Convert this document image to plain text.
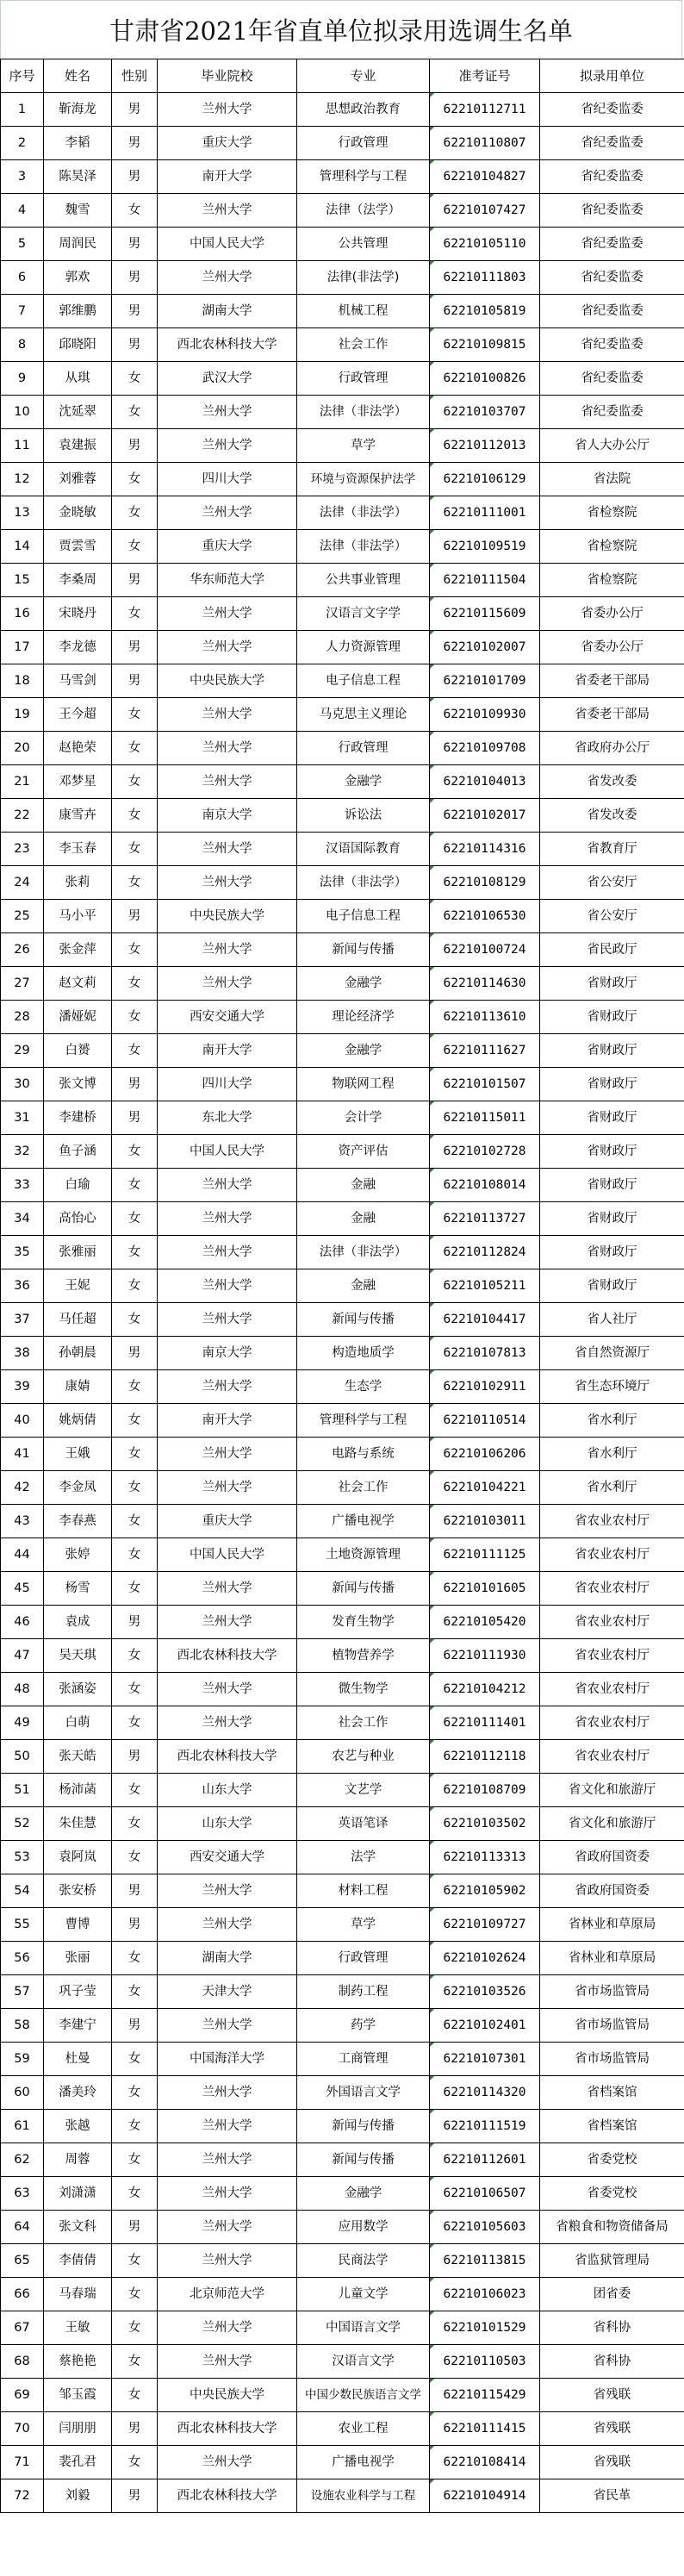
甘肃省2021年省直单位拟录用选调生名单
序号	姓名	性别	毕业院校	专业	准考证号	拟录用单位
1	靳海龙	男	兰州大学	思想政治教育	62210112711	省纪委监委
2	李韬	男	重庆大学	行政管理	62210110807	省纪委监委
3	陈昊泽	男	南开大学	管理科学与工程	62210104827	省纪委监委
4	魏雪	女	兰州大学	法律（法学）	62210107427	省纪委监委
5	周润民	男	中国人民大学	公共管理	62210105110	省纪委监委
6	郭欢	男	兰州大学	法律(非法学)	62210111803	省纪委监委
7	郭维鹏	男	湖南大学	机械工程	62210105819	省纪委监委
8	邱晓阳	男	西北农林科技大学	社会工作	62210109815	省纪委监委
9	从琪	女	武汉大学	行政管理	62210100826	省纪委监委
10	沈延翠	女	兰州大学	法律（非法学）	62210103707	省纪委监委
11	袁建振	男	兰州大学	草学	62210112013	省人大办公厅
12	刘雅蓉	女	四川大学	环境与资源保护法学	62210106129	省法院
13	金晓敏	女	兰州大学	法律（非法学）	62210111001	省检察院
14	贾雲雪	女	重庆大学	法律（非法学）	62210109519	省检察院
15	李桑周	男	华东师范大学	公共事业管理	62210111504	省检察院
16	宋晓丹	女	兰州大学	汉语言文字学	62210115609	省委办公厅
17	李龙德	男	兰州大学	人力资源管理	62210102007	省委办公厅
18	马雪剑	男	中央民族大学	电子信息工程	62210101709	省委老干部局
19	王今超	女	兰州大学	马克思主义理论	62210109930	省委老干部局
20	赵艳荣	女	兰州大学	行政管理	62210109708	省政府办公厅
21	邓梦星	女	兰州大学	金融学	62210104013	省发改委
22	康雪卉	女	南京大学	诉讼法	62210102017	省发改委
23	李玉春	女	兰州大学	汉语国际教育	62210114316	省教育厅
24	张莉	女	兰州大学	法律（非法学）	62210108129	省公安厅
25	马小平	男	中央民族大学	电子信息工程	62210106530	省公安厅
26	张金萍	女	兰州大学	新闻与传播	62210100724	省民政厅
27	赵文莉	女	兰州大学	金融学	62210114630	省财政厅
28	潘娅妮	女	西安交通大学	理论经济学	62210113610	省财政厅
29	白赟	女	南开大学	金融学	62210111627	省财政厅
30	张文博	男	四川大学	物联网工程	62210101507	省财政厅
31	李建桥	男	东北大学	会计学	62210115011	省财政厅
32	鱼子涵	女	中国人民大学	资产评估	62210102728	省财政厅
33	白瑜	女	兰州大学	金融	62210108014	省财政厅
34	高怡心	女	兰州大学	金融	62210113727	省财政厅
35	张雅丽	女	兰州大学	法律（非法学）	62210112824	省财政厅
36	王妮	女	兰州大学	金融	62210105211	省财政厅
37	马任超	女	兰州大学	新闻与传播	62210104417	省人社厅
38	孙朝晨	男	南京大学	构造地质学	62210107813	省自然资源厅
39	康婧	女	兰州大学	生态学	62210102911	省生态环境厅
40	姚炳倩	女	南开大学	管理科学与工程	62210110514	省水利厅
41	王娥	女	兰州大学	电路与系统	62210106206	省水利厅
42	李金凤	女	兰州大学	社会工作	62210104221	省水利厅
43	李春燕	女	重庆大学	广播电视学	62210103011	省农业农村厅
44	张婷	女	中国人民大学	土地资源管理	62210111125	省农业农村厅
45	杨雪	女	兰州大学	新闻与传播	62210101605	省农业农村厅
46	袁成	男	兰州大学	发育生物学	62210105420	省农业农村厅
47	吴天琪	女	西北农林科技大学	植物营养学	62210111930	省农业农村厅
48	张涵姿	女	兰州大学	微生物学	62210104212	省农业农村厅
49	白萌	女	兰州大学	社会工作	62210111401	省农业农村厅
50	张天皓	男	西北农林科技大学	农艺与种业	62210112118	省农业农村厅
51	杨沛菡	女	山东大学	文艺学	62210108709	省文化和旅游厅
52	朱佳慧	女	山东大学	英语笔译	62210103502	省文化和旅游厅
53	袁阿岚	女	西安交通大学	法学	62210113313	省政府国资委
54	张安桥	男	兰州大学	材料工程	62210105902	省政府国资委
55	曹博	男	兰州大学	草学	62210109727	省林业和草原局
56	张丽	女	湖南大学	行政管理	62210102624	省林业和草原局
57	巩子莹	女	天津大学	制药工程	62210103526	省市场监管局
58	李建宁	男	兰州大学	药学	62210102401	省市场监管局
59	杜曼	女	中国海洋大学	工商管理	62210107301	省市场监管局
60	潘美玲	女	兰州大学	外国语言文学	62210114320	省档案馆
61	张越	女	兰州大学	新闻与传播	62210111519	省档案馆
62	周蓉	女	兰州大学	新闻与传播	62210112601	省委党校
63	刘潇潇	女	兰州大学	金融学	62210106507	省委党校
64	张文科	男	兰州大学	应用数学	62210105603	省粮食和物资储备局
65	李倩倩	女	兰州大学	民商法学	62210113815	省监狱管理局
66	马春瑞	女	北京师范大学	儿童文学	62210106023	团省委
67	王敏	女	兰州大学	中国语言文学	62210101529	省科协
68	蔡艳艳	女	兰州大学	汉语言文学	62210110503	省科协
69	邹玉霞	女	中央民族大学	中国少数民族语言文学	62210115429	省残联
70	闫朋朋	男	西北农林科技大学	农业工程	62210111415	省残联
71	裴孔君	女	兰州大学	广播电视学	62210108414	省残联
72	刘毅	男	西北农林科技大学	设施农业科学与工程	62210104914	省民革
